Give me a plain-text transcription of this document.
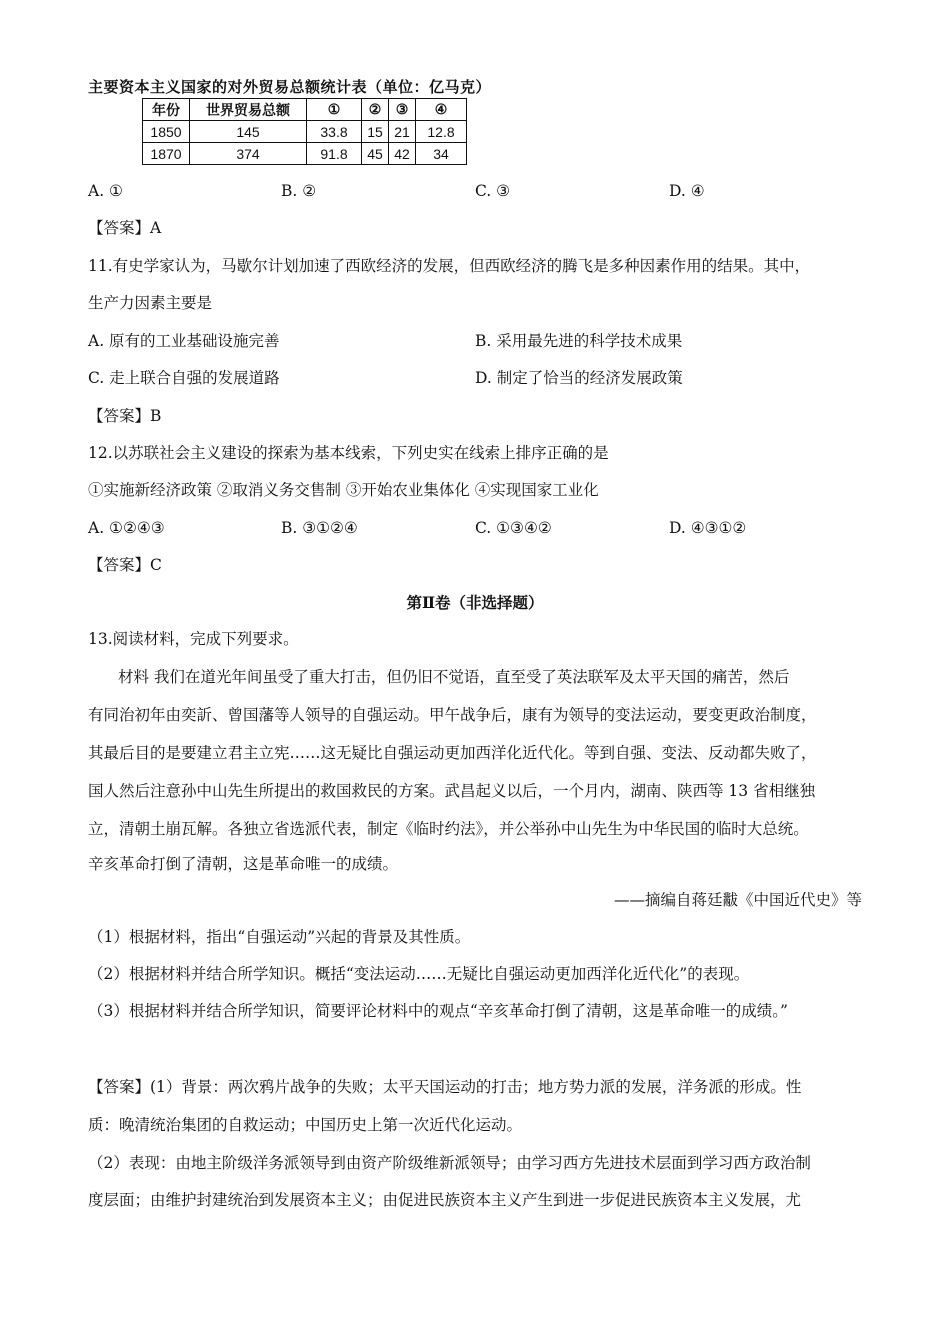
主要资本主义国家的对外贸易总额统计表（单位：亿马克）
年份	世界贸易总额	①	②	③	④
1850	145	33.8	15	21	12.8
1870	374	91.8	45	42	34
A. ①	B. ②	C. ③	D. ④
【答案】A
11.有史学家认为，马歇尔计划加速了西欧经济的发展，但西欧经济的腾飞是多种因素作用的结果。其中，
生产力因素主要是
A. 原有的工业基础设施完善	B. 采用最先进的科学技术成果
C. 走上联合自强的发展道路	D. 制定了恰当的经济发展政策
【答案】B
12.以苏联社会主义建设的探索为基本线索，下列史实在线索上排序正确的是
①实施新经济政策 ②取消义务交售制 ③开始农业集体化 ④实现国家工业化
A. ①②④③	B. ③①②④	C. ①③④②	D. ④③①②
【答案】C
第Ⅱ卷（非选择题）
13.阅读材料，完成下列要求。
材料 我们在道光年间虽受了重大打击，但仍旧不觉语，直至受了英法联军及太平天国的痛苦，然后
有同治初年由奕訢、曾国藩等人领导的自强运动。甲午战争后，康有为领导的变法运动，要变更政治制度，
其最后目的是要建立君主立宪……这无疑比自强运动更加西洋化近代化。等到自强、变法、反动都失败了，
国人然后注意孙中山先生所提出的救国救民的方案。武昌起义以后，一个月内，湖南、陕西等 13 省相继独
立，清朝土崩瓦解。各独立省选派代表，制定《临时约法》，并公举孙中山先生为中华民国的临时大总统。
辛亥革命打倒了清朝，这是革命唯一的成绩。
——摘编自蒋廷黻《中国近代史》等
（1）根据材料，指出“自强运动”兴起的背景及其性质。
（2）根据材料并结合所学知识。概括“变法运动……无疑比自强运动更加西洋化近代化”的表现。
（3）根据材料并结合所学知识，简要评论材料中的观点“辛亥革命打倒了清朝，这是革命唯一的成绩。”
【答案】(1）背景：两次鸦片战争的失败；太平天国运动的打击；地方势力派的发展，洋务派的形成。性
质：晚清统治集团的自救运动；中国历史上第一次近代化运动。
（2）表现：由地主阶级洋务派领导到由资产阶级维新派领导；由学习西方先进技术层面到学习西方政治制
度层面；由维护封建统治到发展资本主义；由促进民族资本主义产生到进一步促进民族资本主义发展，尤
